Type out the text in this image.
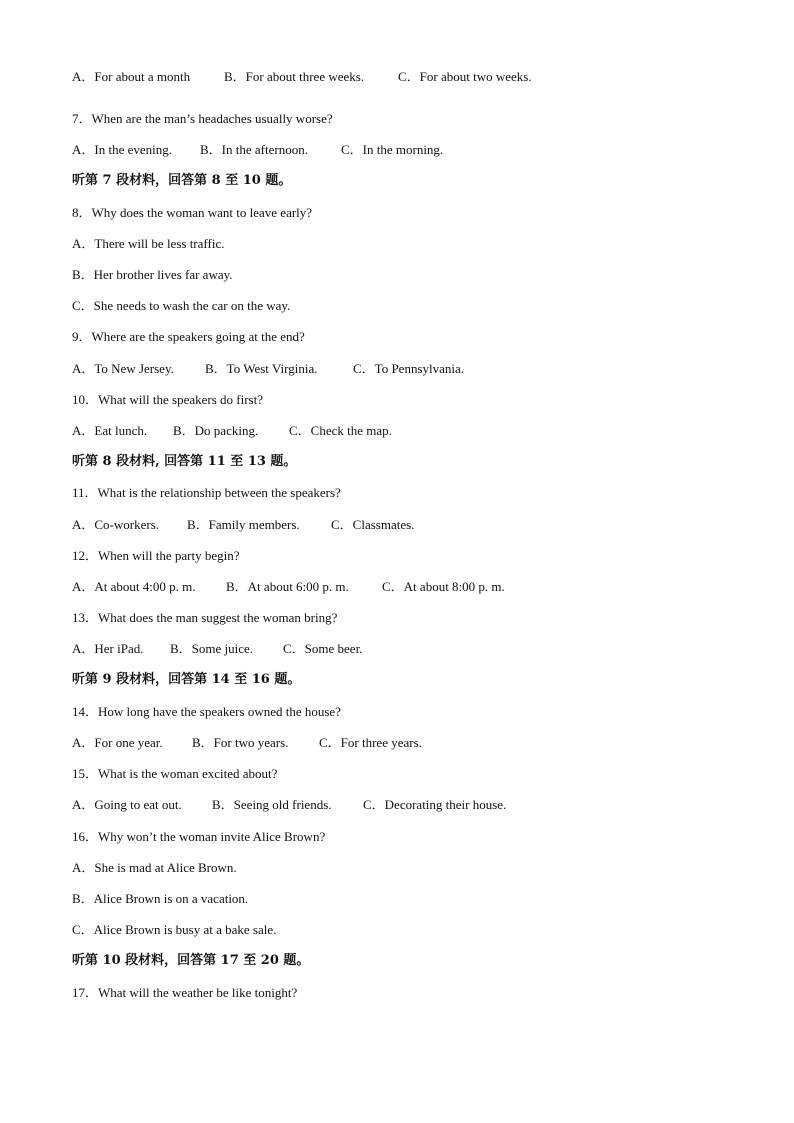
A．For about a month	B．For about three weeks.	C．For about two weeks.
7．When are the man’s headaches usually worse?
A．In the evening. B．In the afternoon.	C．In the morning.
听第 7 段材料，回答第 8 至 10 题。
8．Why does the woman want to leave early?
A．There will be less traffic.
B．Her brother lives far away.
C．She needs to wash the car on the way.
9．Where are the speakers going at the end?
A．To New Jersey. B．To West Virginia.	C．To Pennsylvania.
10．What will the speakers do first?
A．Eat lunch. B．Do packing. C．Check the map.
听第 8 段材料, 回答第 11 至 13 题。
11．What is the relationship between the speakers?
A．Co-workers. B．Family members. C．Classmates.
12．When will the party begin?
A．At about 4:00 p. m. B．At about 6:00 p. m.	C．At about 8:00 p. m.
13．What does the man suggest the woman bring?
A．Her iPad. B．Some juice. C．Some beer.
听第 9 段材料，回答第 14 至 16 题。
14．How long have the speakers owned the house?
A．For one year. B．For two years. C．For three years.
15．What is the woman excited about?
A．Going to eat out. B．Seeing old friends. C．Decorating their house.
16．Why won’t the woman invite Alice Brown?
A．She is mad at Alice Brown.
B．Alice Brown is on a vacation.
C．Alice Brown is busy at a bake sale.
听第 10 段材料，回答第 17 至 20 题。
17．What will the weather be like tonight?
